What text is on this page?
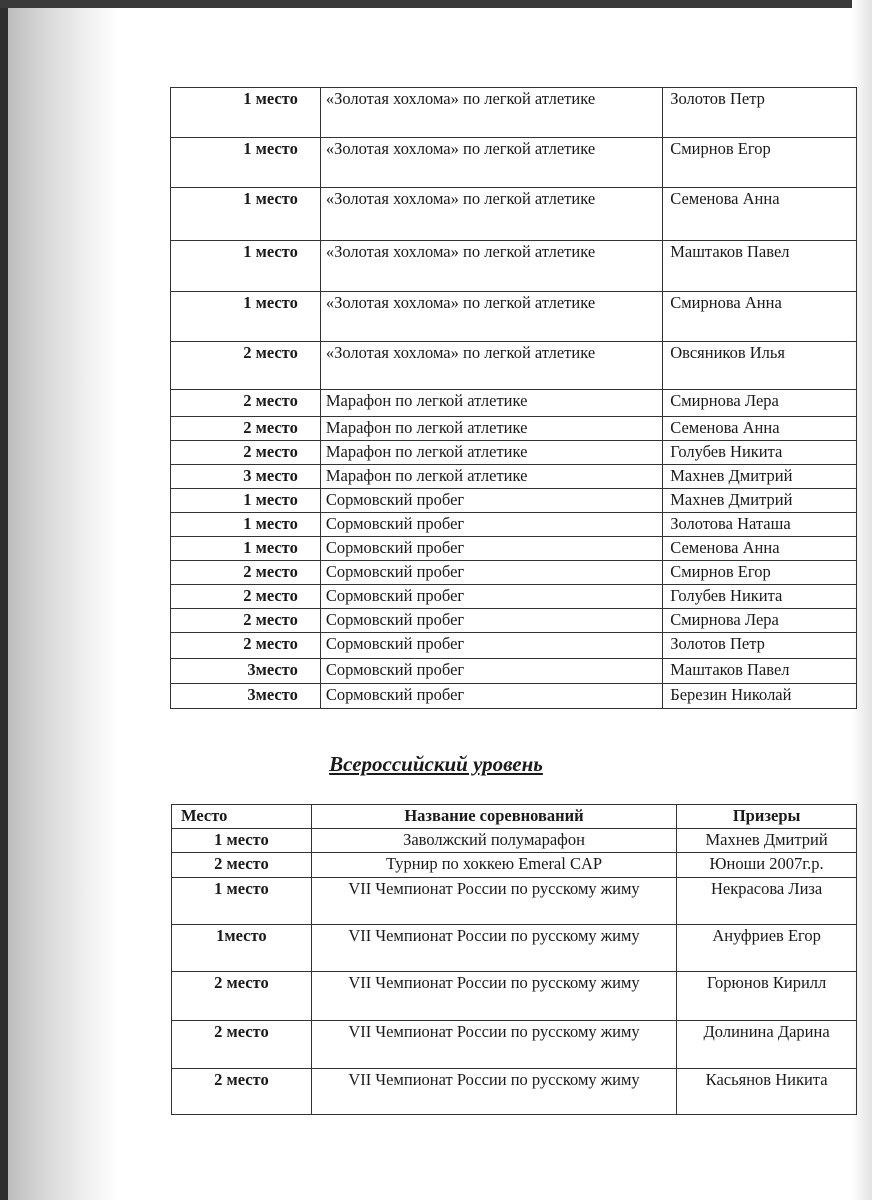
1 место	«Золотая хохлома» по легкой атлетике	Золотов Петр
1 место	«Золотая хохлома» по легкой атлетике	Смирнов Егор
1 место	«Золотая хохлома» по легкой атлетике	Семенова Анна
1 место	«Золотая хохлома» по легкой атлетике	Маштаков Павел
1 место	«Золотая хохлома» по легкой атлетике	Смирнова Анна
2 место	«Золотая хохлома» по легкой атлетике	Овсяников Илья
2 место	Марафон по легкой атлетике	Смирнова Лера
2 место	Марафон по легкой атлетике	Семенова Анна
2 место	Марафон по легкой атлетике	Голубев Никита
3 место	Марафон по легкой атлетике	Махнев Дмитрий
1 место	Сормовский пробег	Махнев Дмитрий
1 место	Сормовский пробег	Золотова Наташа
1 место	Сормовский пробег	Семенова Анна
2 место	Сормовский пробег	Смирнов Егор
2 место	Сормовский пробег	Голубев Никита
2 место	Сормовский пробег	Смирнова Лера
2 место	Сормовский пробег	Золотов Петр
3место	Сормовский пробег	Маштаков Павел
3место	Сормовский пробег	Березин Николай
Всероссийский уровень
Место	Название соревнований	Призеры
1 место	Заволжский полумарафон	Махнев Дмитрий
2 место	Турнир по хоккею Emeral CAP	Юноши 2007г.р.
1 место	VII Чемпионат России по русскому жиму	Некрасова Лиза
1место	VII Чемпионат России по русскому жиму	Ануфриев Егор
2 место	VII Чемпионат России по русскому жиму	Горюнов Кирилл
2 место	VII Чемпионат России по русскому жиму	Долинина Дарина
2 место	VII Чемпионат России по русскому жиму	Касьянов Никита
